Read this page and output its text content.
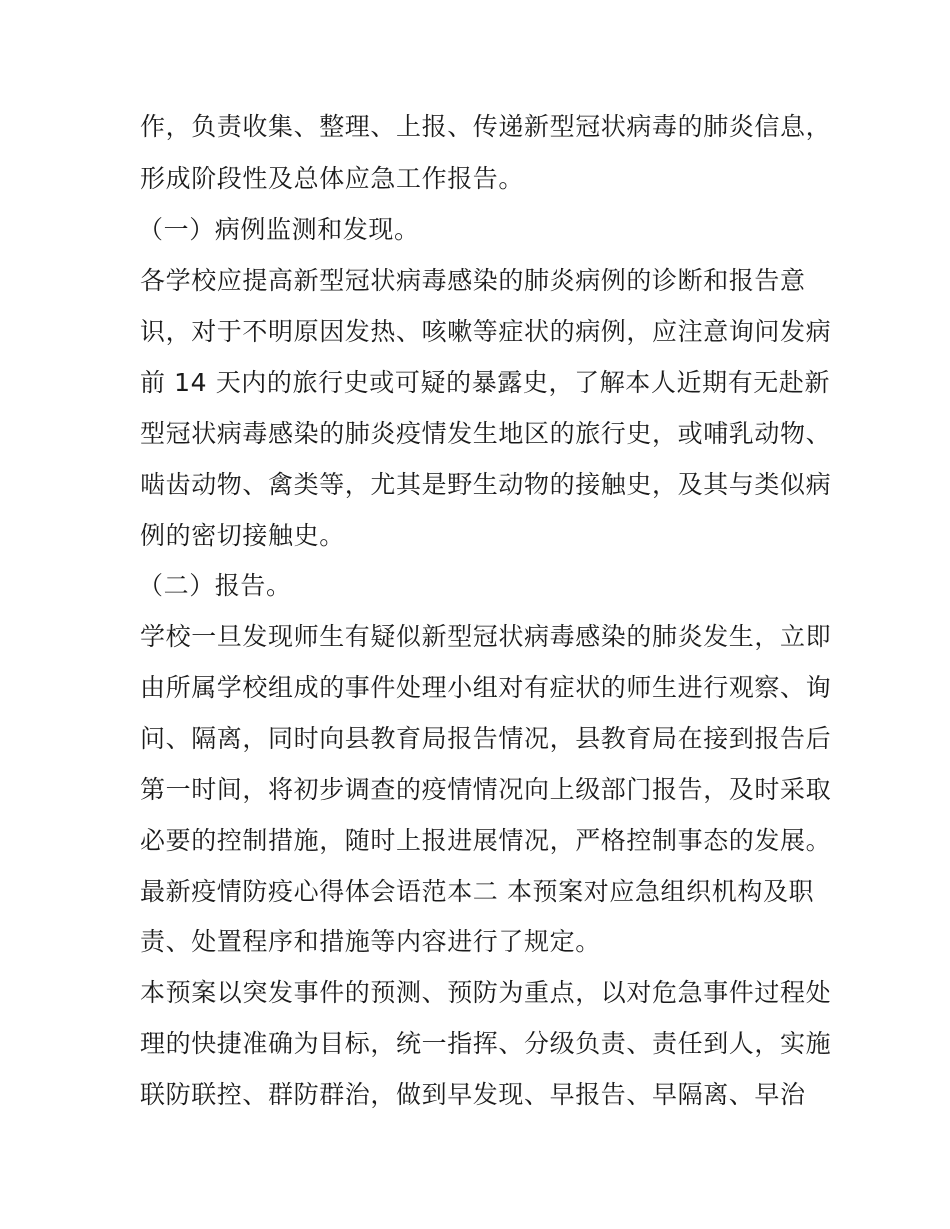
作，负责收集、整理、上报、传递新型冠状病毒的肺炎信息，
形成阶段性及总体应急工作报告。
（一）病例监测和发现。
各学校应提高新型冠状病毒感染的肺炎病例的诊断和报告意
识，对于不明原因发热、咳嗽等症状的病例，应注意询问发病
前 14 天内的旅行史或可疑的暴露史，了解本人近期有无赴新
型冠状病毒感染的肺炎疫情发生地区的旅行史，或哺乳动物、
啮齿动物、禽类等，尤其是野生动物的接触史，及其与类似病
例的密切接触史。
（二）报告。
学校一旦发现师生有疑似新型冠状病毒感染的肺炎发生，立即
由所属学校组成的事件处理小组对有症状的师生进行观察、询
问、隔离，同时向县教育局报告情况，县教育局在接到报告后
第一时间，将初步调查的疫情情况向上级部门报告，及时采取
必要的控制措施，随时上报进展情况，严格控制事态的发展。
最新疫情防疫心得体会语范本二 本预案对应急组织机构及职
责、处置程序和措施等内容进行了规定。
本预案以突发事件的预测、预防为重点，以对危急事件过程处
理的快捷准确为目标，统一指挥、分级负责、责任到人，实施
联防联控、群防群治，做到早发现、早报告、早隔离、早治
